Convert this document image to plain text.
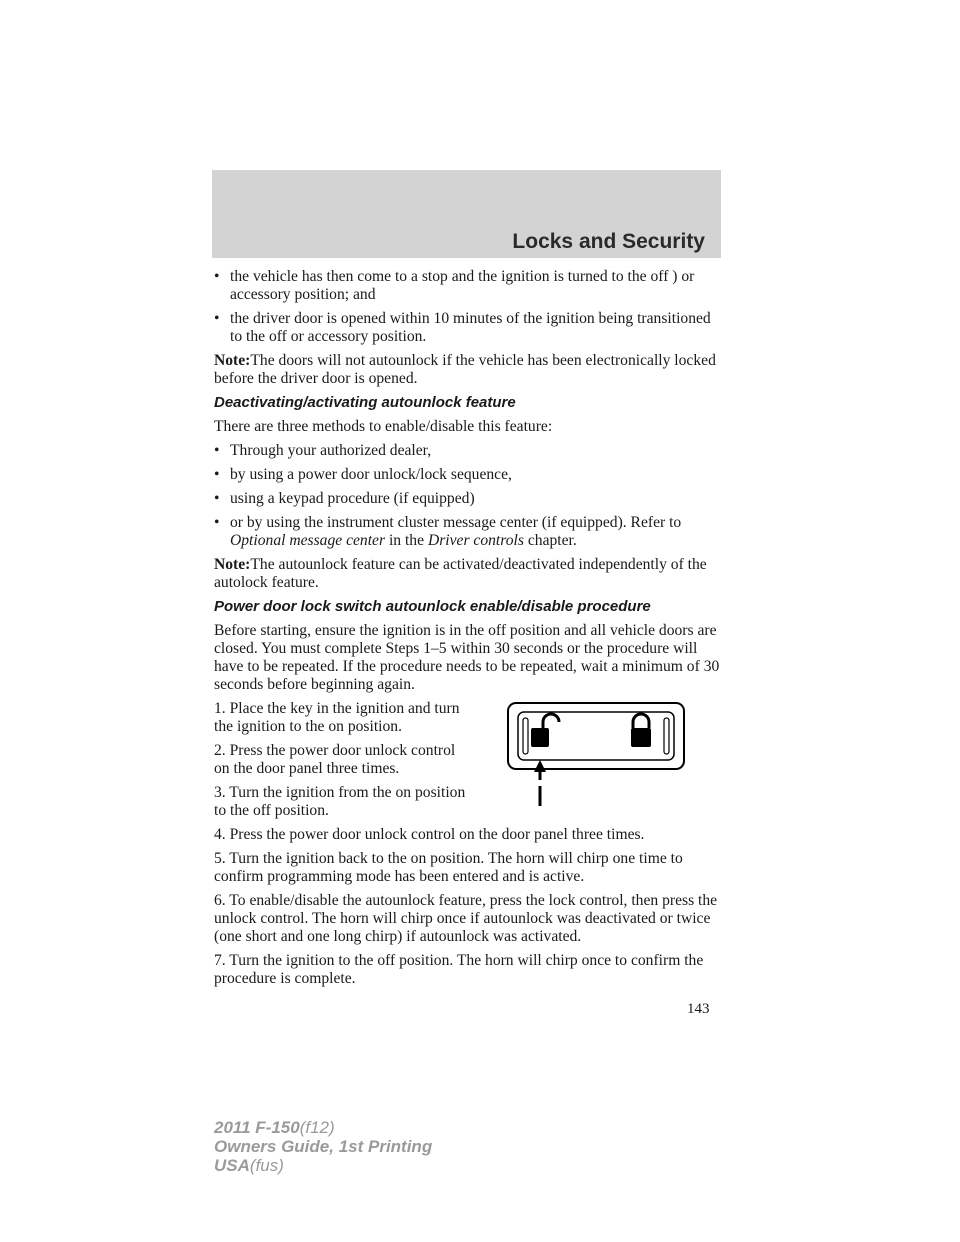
Locks and Security
• the vehicle has then come to a stop and the ignition is turned to the off ) or accessory position; and
• the driver door is opened within 10 minutes of the ignition being transitioned to the off or accessory position.

Note:The doors will not autounlock if the vehicle has been electronically locked before the driver door is opened.

Deactivating/activating autounlock feature

There are three methods to enable/disable this feature:

• Through your authorized dealer,
• by using a power door unlock/lock sequence,
• using a keypad procedure (if equipped)
• or by using the instrument cluster message center (if equipped). Refer to Optional message center in the Driver controls chapter.

Note:The autounlock feature can be activated/deactivated independently of the autolock feature.

Power door lock switch autounlock enable/disable procedure

Before starting, ensure the ignition is in the off position and all vehicle doors are closed. You must complete Steps 1–5 within 30 seconds or the procedure will have to be repeated. If the procedure needs to be repeated, wait a minimum of 30 seconds before beginning again.

1. Place the key in the ignition and turn the ignition to the on position.

2. Press the power door unlock control on the door panel three times.

3. Turn the ignition from the on position to the off position.

4. Press the power door unlock control on the door panel three times.

5. Turn the ignition back to the on position. The horn will chirp one time to confirm programming mode has been entered and is active.

6. To enable/disable the autounlock feature, press the lock control, then press the unlock control. The horn will chirp once if autounlock was deactivated or twice (one short and one long chirp) if autounlock was activated.

7. Turn the ignition to the off position. The horn will chirp once to confirm the procedure is complete.

143
2011 F-150(f12)
Owners Guide, 1st Printing
USA(fus)
